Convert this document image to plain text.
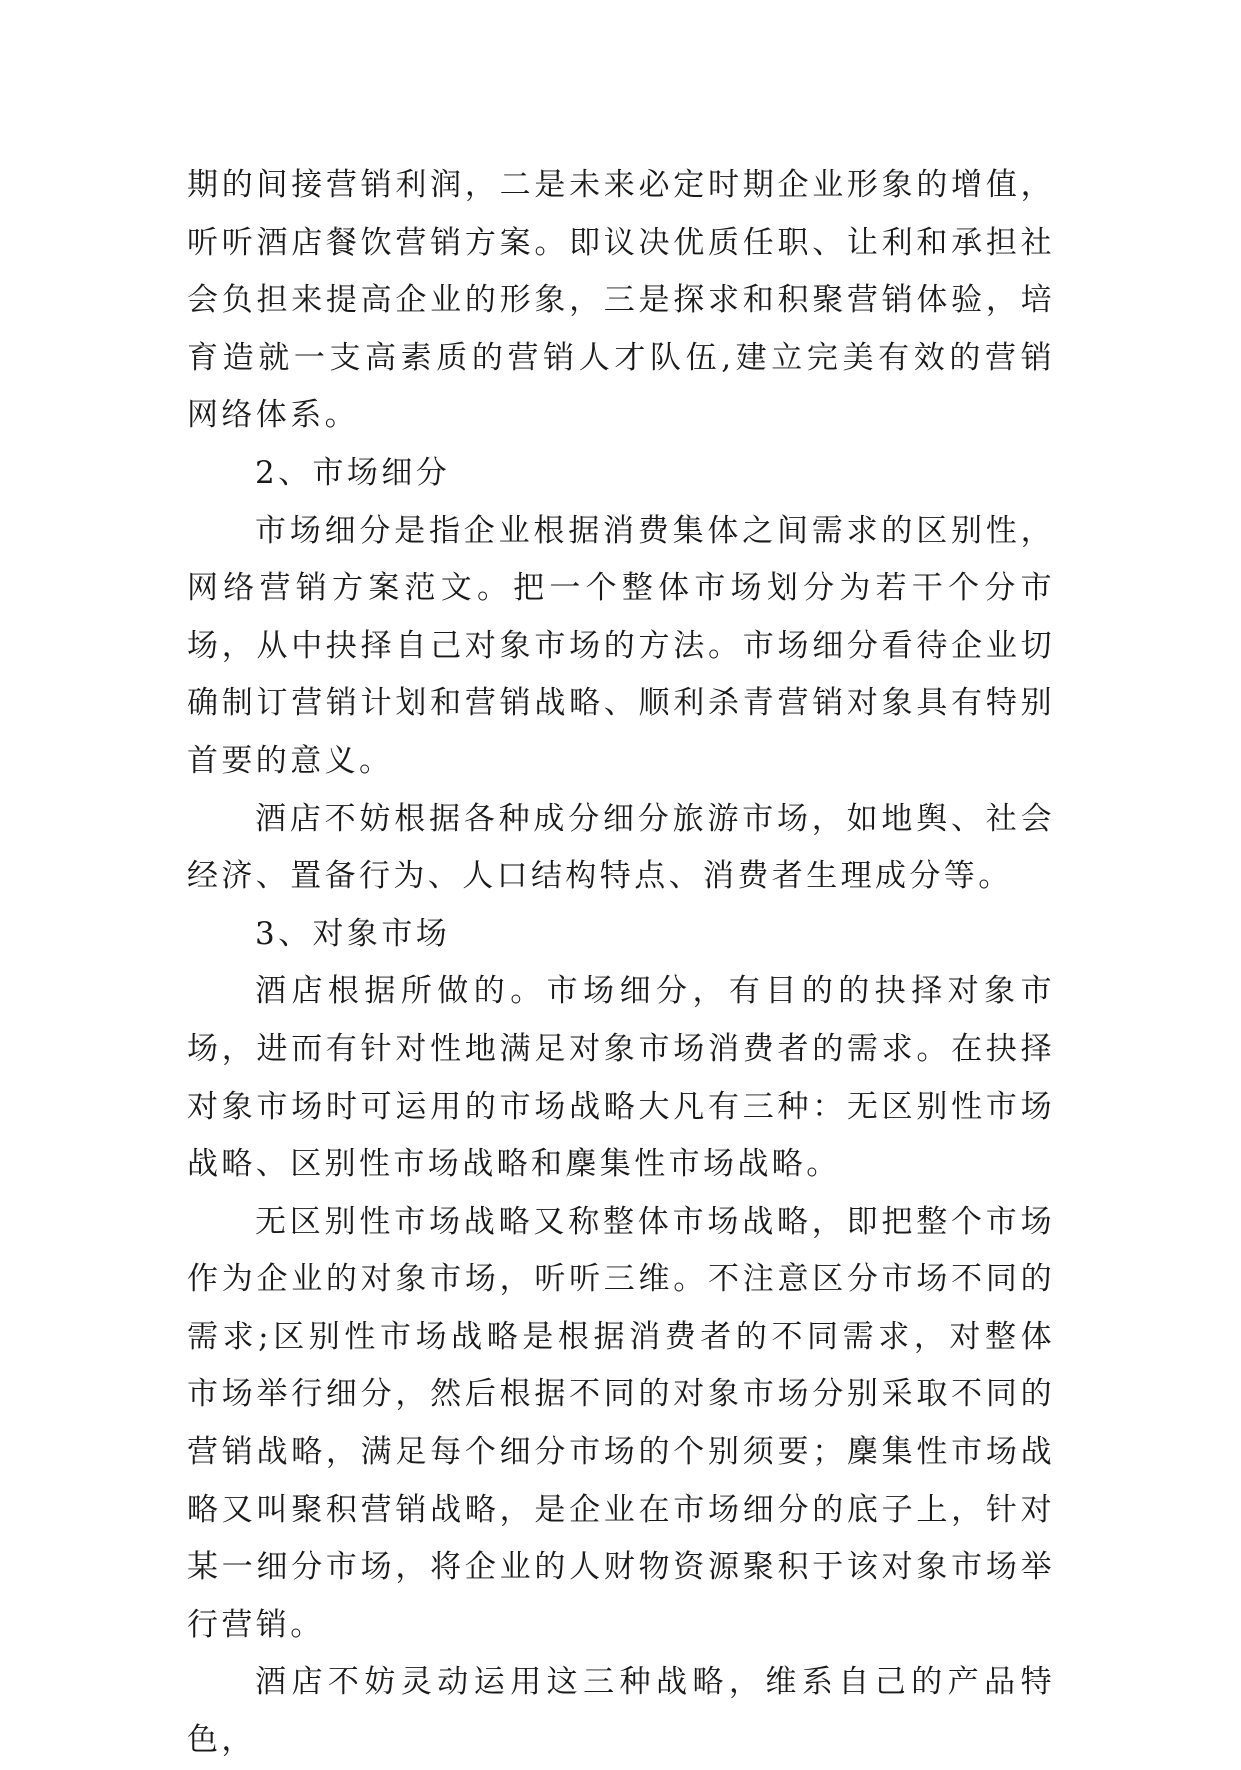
期的间接营销利润，二是未来必定时期企业形象的增值，听听酒店餐饮营销方案。即议决优质任职、让利和承担社会负担来提高企业的形象，三是探求和积聚营销体验，培育造就一支高素质的营销人才队伍,建立完美有效的营销网络体系。

2、市场细分

市场细分是指企业根据消费集体之间需求的区别性，网络营销方案范文。把一个整体市场划分为若干个分市场，从中抉择自己对象市场的方法。市场细分看待企业切确制订营销计划和营销战略、顺利杀青营销对象具有特别首要的意义。

酒店不妨根据各种成分细分旅游市场，如地舆、社会经济、置备行为、人口结构特点、消费者生理成分等。

3、对象市场

酒店根据所做的。市场细分，有目的的抉择对象市场，进而有针对性地满足对象市场消费者的需求。在抉择对象市场时可运用的市场战略大凡有三种：无区别性市场战略、区别性市场战略和麇集性市场战略。

无区别性市场战略又称整体市场战略，即把整个市场作为企业的对象市场，听听三维。不注意区分市场不同的需求;区别性市场战略是根据消费者的不同需求，对整体市场举行细分，然后根据不同的对象市场分别采取不同的营销战略，满足每个细分市场的个别须要；麇集性市场战略又叫聚积营销战略，是企业在市场细分的底子上，针对某一细分市场，将企业的人财物资源聚积于该对象市场举行营销。

酒店不妨灵动运用这三种战略，维系自己的产品特色，
